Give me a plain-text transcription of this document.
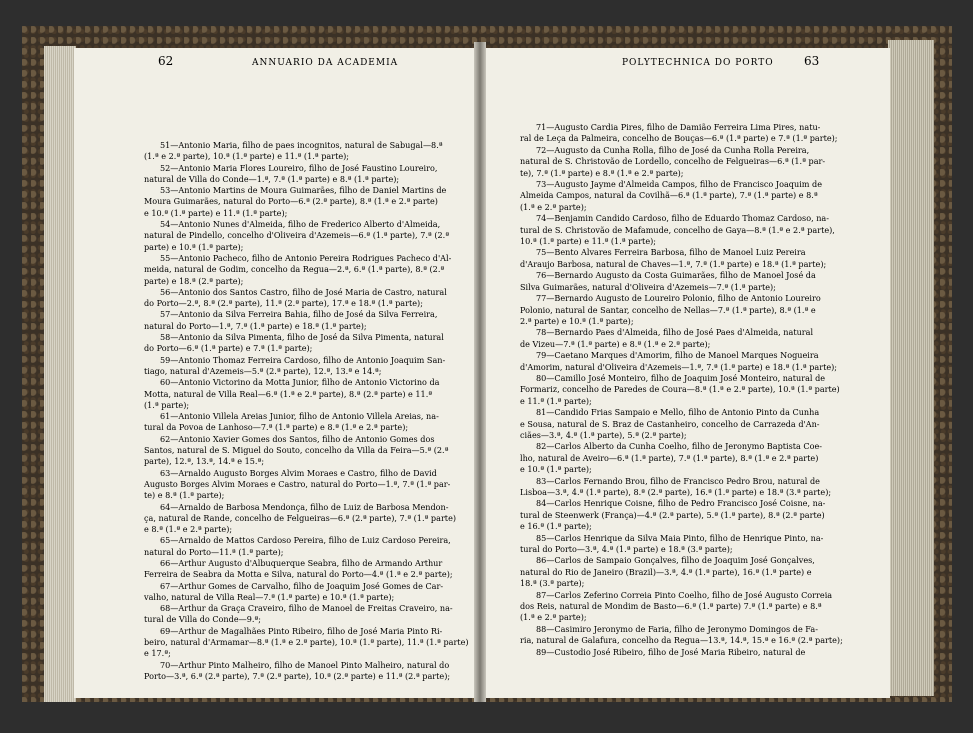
62	ANNUARIO DA ACADEMIA	POLYTECHNICA DO PORTO	63

51—Antonio Maria, filho de paes incognitos, natural de Sabugal—8.ª

(1.ª e 2.ª parte), 10.ª (1.ª parte) e 11.ª (1.ª parte);

52—Antonio Maria Flores Loureiro, filho de José Faustino Loureiro,

natural de Villa do Conde—1.ª, 7.ª (1.ª parte) e 8.ª (1.ª parte);

53—Antonio Martins de Moura Guimarães, filho de Daniel Martins de

Moura Guimarães, natural do Porto—6.ª (2.ª parte), 8.ª (1.ª e 2.ª parte)

e 10.ª (1.ª parte) e 11.ª (1.ª parte);

54—Antonio Nunes d'Almeida, filho de Frederico Alberto d'Almeida,

natural de Pindello, concelho d'Oliveira d'Azemeis—6.ª (1.ª parte), 7.ª (2.ª

parte) e 10.ª (1.ª parte);

55—Antonio Pacheco, filho de Antonio Pereira Rodrigues Pacheco d'Al-

meida, natural de Godim, concelho da Regua—2.ª, 6.ª (1.ª parte), 8.ª (2.ª

parte) e 18.ª (2.ª parte);

56—Antonio dos Santos Castro, filho de José Maria de Castro, natural

do Porto—2.ª, 8.ª (2.ª parte), 11.ª (2.ª parte), 17.ª e 18.ª (1.ª parte);

57—Antonio da Silva Ferreira Bahia, filho de José da Silva Ferreira,

natural do Porto—1.ª, 7.ª (1.ª parte) e 18.ª (1.ª parte);

58—Antonio da Silva Pimenta, filho de José da Silva Pimenta, natural

do Porto—6.ª (1.ª parte) e 7.ª (1.ª parte);

59—Antonio Thomaz Ferreira Cardoso, filho de Antonio Joaquim San-

tiago, natural d'Azemeis—5.ª (2.ª parte), 12.ª, 13.ª e 14.ª;

60—Antonio Victorino da Motta Junior, filho de Antonio Victorino da

Motta, natural de Villa Real—6.ª (1.ª e 2.ª parte), 8.ª (2.ª parte) e 11.ª

(1.ª parte);

61—Antonio Villela Areias Junior, filho de Antonio Villela Areias, na-

tural da Povoa de Lanhoso—7.ª (1.ª parte) e 8.ª (1.ª e 2.ª parte);

62—Antonio Xavier Gomes dos Santos, filho de Antonio Gomes dos

Santos, natural de S. Miguel do Souto, concelho da Villa da Feira—5.ª (2.ª

parte), 12.ª, 13.ª, 14.ª e 15.ª;

63—Arnaldo Augusto Borges Alvim Moraes e Castro, filho de David

Augusto Borges Alvim Moraes e Castro, natural do Porto—1.ª, 7.ª (1.ª par-

te) e 8.ª (1.ª parte);

64—Arnaldo de Barbosa Mendonça, filho de Luiz de Barbosa Mendon-

ça, natural de Rande, concelho de Felgueiras—6.ª (2.ª parte), 7.ª (1.ª parte)

e 8.ª (1.ª e 2.ª parte);

65—Arnaldo de Mattos Cardoso Pereira, filho de Luiz Cardoso Pereira,

natural do Porto—11.ª (1.ª parte);

66—Arthur Augusto d'Albuquerque Seabra, filho de Armando Arthur

Ferreira de Seabra da Motta e Silva, natural do Porto—4.ª (1.ª e 2.ª parte);

67—Arthur Gomes de Carvalho, filho de Joaquim José Gomes de Car-

valho, natural de Villa Real—7.ª (1.ª parte) e 10.ª (1.ª parte);

68—Arthur da Graça Craveiro, filho de Manoel de Freitas Craveiro, na-

tural de Villa do Conde—9.ª;

69—Arthur de Magalhães Pinto Ribeiro, filho de José Maria Pinto Ri-

beiro, natural d'Armamar—8.ª (1.ª e 2.ª parte), 10.ª (1.ª parte), 11.ª (1.ª parte)

e 17.ª;

70—Arthur Pinto Malheiro, filho de Manoel Pinto Malheiro, natural do

Porto—3.ª, 6.ª (2.ª parte), 7.ª (2.ª parte), 10.ª (2.ª parte) e 11.ª (2.ª parte);

71—Augusto Cardia Pires, filho de Damião Ferreira Lima Pires, natu-

ral de Leça da Palmeira, concelho de Bouças—6.ª (1.ª parte) e 7.ª (1.ª parte);

72—Augusto da Cunha Rolla, filho de José da Cunha Rolla Pereira,

natural de S. Christovão de Lordello, concelho de Felgueiras—6.ª (1.ª par-

te), 7.ª (1.ª parte) e 8.ª (1.ª e 2.ª parte);

73—Augusto Jayme d'Almeida Campos, filho de Francisco Joaquim de

Almeida Campos, natural da Covilhã—6.ª (1.ª parte), 7.ª (1.ª parte) e 8.ª

(1.ª e 2.ª parte);

74—Benjamin Candido Cardoso, filho de Eduardo Thomaz Cardoso, na-

tural de S. Christovão de Mafamude, concelho de Gaya—8.ª (1.ª e 2.ª parte),

10.ª (1.ª parte) e 11.ª (1.ª parte);

75—Bento Alvares Ferreira Barbosa, filho de Manoel Luiz Pereira

d'Araujo Barbosa, natural de Chaves—1.ª, 7.ª (1.ª parte) e 18.ª (1.ª parte);

76—Bernardo Augusto da Costa Guimarães, filho de Manoel José da

Silva Guimarães, natural d'Oliveira d'Azemeis—7.ª (1.ª parte);

77—Bernardo Augusto de Loureiro Polonio, filho de Antonio Loureiro

Polonio, natural de Santar, concelho de Nellas—7.ª (1.ª parte), 8.ª (1.ª e

2.ª parte) e 10.ª (1.ª parte);

78—Bernardo Paes d'Almeida, filho de José Paes d'Almeida, natural

de Vizeu—7.ª (1.ª parte) e 8.ª (1.ª e 2.ª parte);

79—Caetano Marques d'Amorim, filho de Manoel Marques Nogueira

d'Amorim, natural d'Oliveira d'Azemeis—1.ª, 7.ª (1.ª parte) e 18.ª (1.ª parte);

80—Camillo José Monteiro, filho de Joaquim José Monteiro, natural de

Formariz, concelho de Paredes de Coura—8.ª (1.ª e 2.ª parte), 10.ª (1.ª parte)

e 11.ª (1.ª parte);

81—Candido Frias Sampaio e Mello, filho de Antonio Pinto da Cunha

e Sousa, natural de S. Braz de Castanheiro, concelho de Carrazeda d'An-

ciães—3.ª, 4.ª (1.ª parte), 5.ª (2.ª parte);

82—Carlos Alberto da Cunha Coelho, filho de Jeronymo Baptista Coe-

lho, natural de Aveiro—6.ª (1.ª parte), 7.ª (1.ª parte), 8.ª (1.ª e 2.ª parte)

e 10.ª (1.ª parte);

83—Carlos Fernando Brou, filho de Francisco Pedro Brou, natural de

Lisboa—3.ª, 4.ª (1.ª parte), 8.ª (2.ª parte), 16.ª (1.ª parte) e 18.ª (3.ª parte);

84—Carlos Henrique Coisne, filho de Pedro Francisco José Coisne, na-

tural de Steenwerk (França)—4.ª (2.ª parte), 5.ª (1.ª parte), 8.ª (2.ª parte)

e 16.ª (1.ª parte);

85—Carlos Henrique da Silva Maia Pinto, filho de Henrique Pinto, na-

tural do Porto—3.ª, 4.ª (1.ª parte) e 18.ª (3.ª parte);

86—Carlos de Sampaio Gonçalves, filho de Joaquim José Gonçalves,

natural do Rio de Janeiro (Brazil)—3.ª, 4.ª (1.ª parte), 16.ª (1.ª parte) e

18.ª (3.ª parte);

87—Carlos Zeferino Correia Pinto Coelho, filho de José Augusto Correia

dos Reis, natural de Mondim de Basto—6.ª (1.ª parte) 7.ª (1.ª parte) e 8.ª

(1.ª e 2.ª parte);

88—Casimiro Jeronymo de Faria, filho de Jeronymo Domingos de Fa-

ria, natural de Galafura, concelho da Regua—13.ª, 14.ª, 15.ª e 16.ª (2.ª parte);

89—Custodio José Ribeiro, filho de José Maria Ribeiro, natural de
